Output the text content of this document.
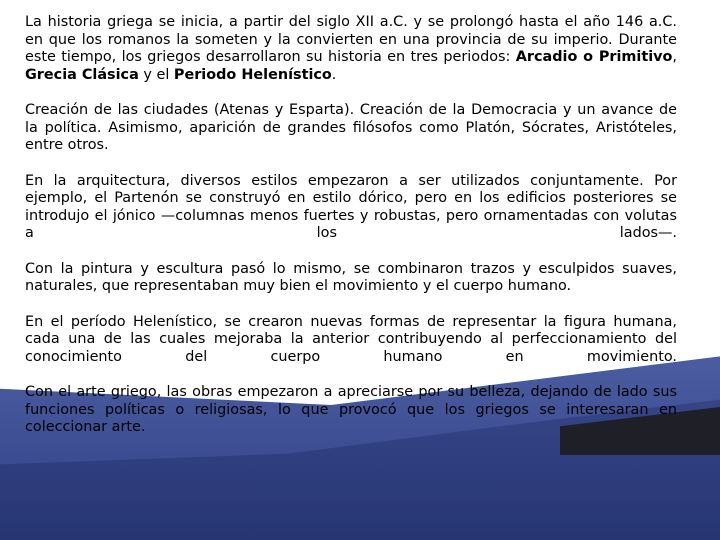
La historia griega se inicia, a partir del siglo XII a.C. y se prolongó hasta el año 146 a.C. en que los romanos la someten y la convierten en una provincia de su imperio. Durante este tiempo, los griegos desarrollaron su historia en tres periodos: Arcadio o Primitivo, Grecia Clásica y el Periodo Helenístico.

Creación de las ciudades (Atenas y Esparta). Creación de la Democracia y un avance de la política. Asimismo, aparición de grandes filósofos como Platón, Sócrates, Aristóteles, entre otros.

En la arquitectura, diversos estilos empezaron a ser utilizados conjuntamente. Por ejemplo, el Partenón se construyó en estilo dórico, pero en los edificios posteriores se introdujo el jónico —columnas menos fuertes y robustas, pero ornamentadas con volutas a los lados—.

Con la pintura y escultura pasó lo mismo, se combinaron trazos y esculpidos suaves, naturales, que representaban muy bien el movimiento y el cuerpo humano.

En el período Helenístico, se crearon nuevas formas de representar la figura humana, cada una de las cuales mejoraba la anterior contribuyendo al perfeccionamiento del conocimiento del cuerpo humano en movimiento.

Con el arte griego, las obras empezaron a apreciarse por su belleza, dejando de lado sus funciones políticas o religiosas, lo que provocó que los griegos se interesaran en coleccionar arte.
